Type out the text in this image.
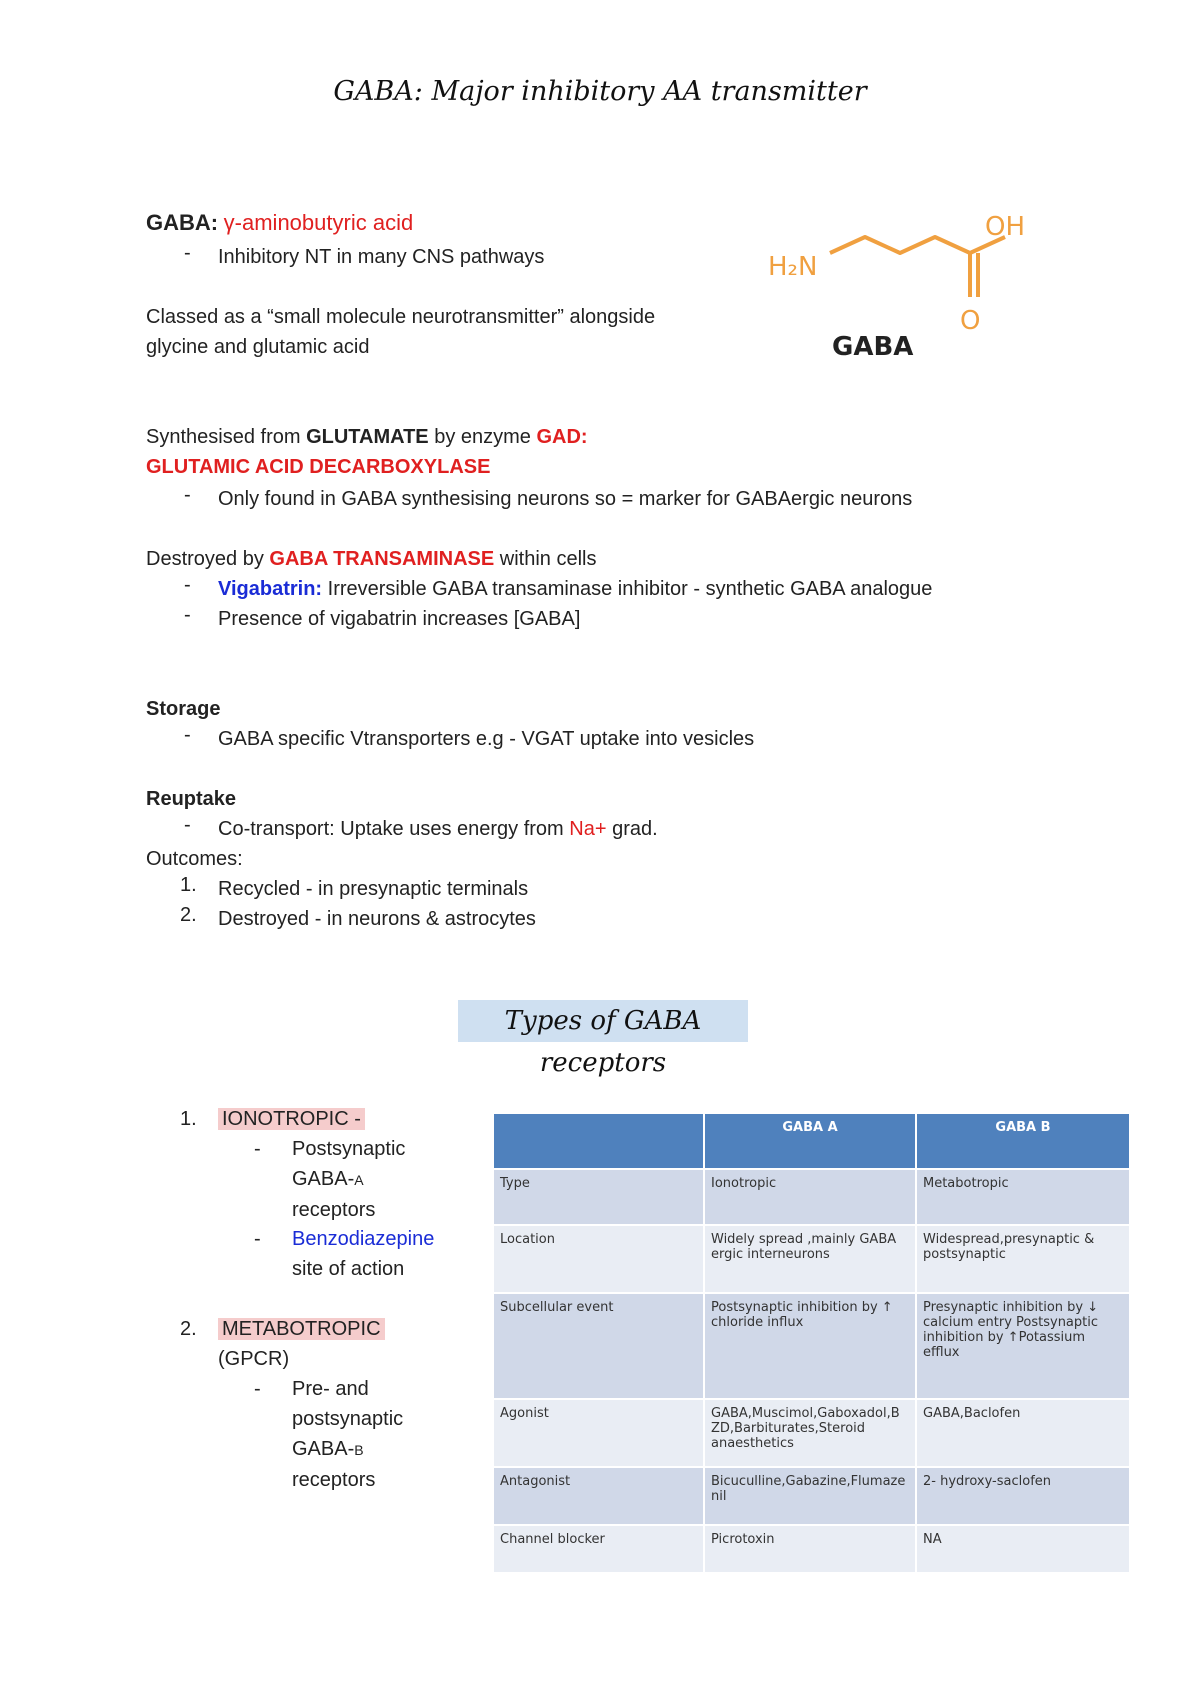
GABA: Major inhibitory AA transmitter
GABA: γ-aminobutyric acid
- Inhibitory NT in many CNS pathways
Classed as a “small molecule neurotransmitter” alongside
glycine and glutamic acid
H₂N
OH
O
GABA
Synthesised from GLUTAMATE by enzyme GAD:
GLUTAMIC ACID DECARBOXYLASE
- Only found in GABA synthesising neurons so = marker for GABAergic neurons
Destroyed by GABA TRANSAMINASE within cells
- Vigabatrin: Irreversible GABA transaminase inhibitor - synthetic GABA analogue
- Presence of vigabatrin increases [GABA]
Storage
- GABA specific Vtransporters e.g - VGAT uptake into vesicles
Reuptake
- Co-transport: Uptake uses energy from Na+ grad.
Outcomes:
1. Recycled - in presynaptic terminals
2. Destroyed - in neurons & astrocytes
Types of GABA receptors
1. IONOTROPIC -
- Postsynaptic
GABA-A
receptors
- Benzodiazepine
site of action
2. METABOTROPIC
(GPCR)
- Pre- and
postsynaptic
GABA-B
receptors
	GABA A	GABA B
Type	Ionotropic	Metabotropic
Location	Widely spread ,mainly GABA ergic interneurons	Widespread,presynaptic & postsynaptic
Subcellular event	Postsynaptic inhibition by ↑ chloride influx	Presynaptic inhibition by ↓ calcium entry Postsynaptic inhibition by ↑Potassium efflux
Agonist	GABA,Muscimol,Gaboxadol,B ZD,Barbiturates,Steroid anaesthetics	GABA,Baclofen
Antagonist	Bicuculline,Gabazine,Flumaze nil	2- hydroxy-saclofen
Channel blocker	Picrotoxin	NA
